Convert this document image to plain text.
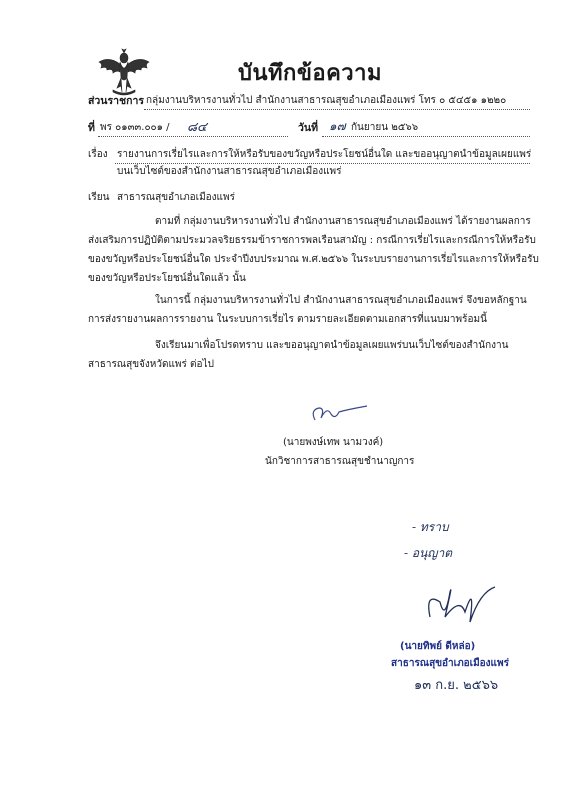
บันทึกข้อความ
ส่วนราชการ กลุ่มงานบริหารงานทั่วไป สำนักงานสาธารณสุขอำเภอเมืองแพร่ โทร ๐ ๕๔๕๑ ๑๒๒๐
ที่ พร ๐๑๓๓.๐๐๑ / ๘๔	วันที่ ๑๗ กันยายน ๒๕๖๖
เรื่อง รายงานการเรี่ยไรและการให้หรือรับของขวัญหรือประโยชน์อื่นใด และขออนุญาตนำข้อมูลเผยแพร่
บนเว็บไซต์ของสำนักงานสาธารณสุขอำเภอเมืองแพร่
เรียน สาธารณสุขอำเภอเมืองแพร่
ตามที่ กลุ่มงานบริหารงานทั่วไป สำนักงานสาธารณสุขอำเภอเมืองแพร่ ได้รายงานผลการ
ส่งเสริมการปฏิบัติตามประมวลจริยธรรมข้าราชการพลเรือนสามัญ : กรณีการเรี่ยไรและกรณีการให้หรือรับ
ของขวัญหรือประโยชน์อื่นใด ประจำปีงบประมาณ พ.ศ.๒๕๖๖ ในระบบรายงานการเรี่ยไรและการให้หรือรับ
ของขวัญหรือประโยชน์อื่นใดแล้ว นั้น
ในการนี้ กลุ่มงานบริหารงานทั่วไป สำนักงานสาธารณสุขอำเภอเมืองแพร่ จึงขอหลักฐาน
การส่งรายงานผลการรายงาน ในระบบการเรี่ยไร ตามรายละเอียดตามเอกสารที่แนบมาพร้อมนี้
จึงเรียนมาเพื่อโปรดทราบ และขออนุญาตนำข้อมูลเผยแพร่บนเว็บไซต์ของสำนักงาน
สาธารณสุขจังหวัดแพร่ ต่อไป
(นายพงษ์เทพ นามวงค์)
นักวิชาการสาธารณสุขชำนาญการ
- ทราบ
- อนุญาต
(นายทิพย์ ดีหล่อ)
สาธารณสุขอำเภอเมืองแพร่
๑๓ ก.ย. ๒๕๖๖
